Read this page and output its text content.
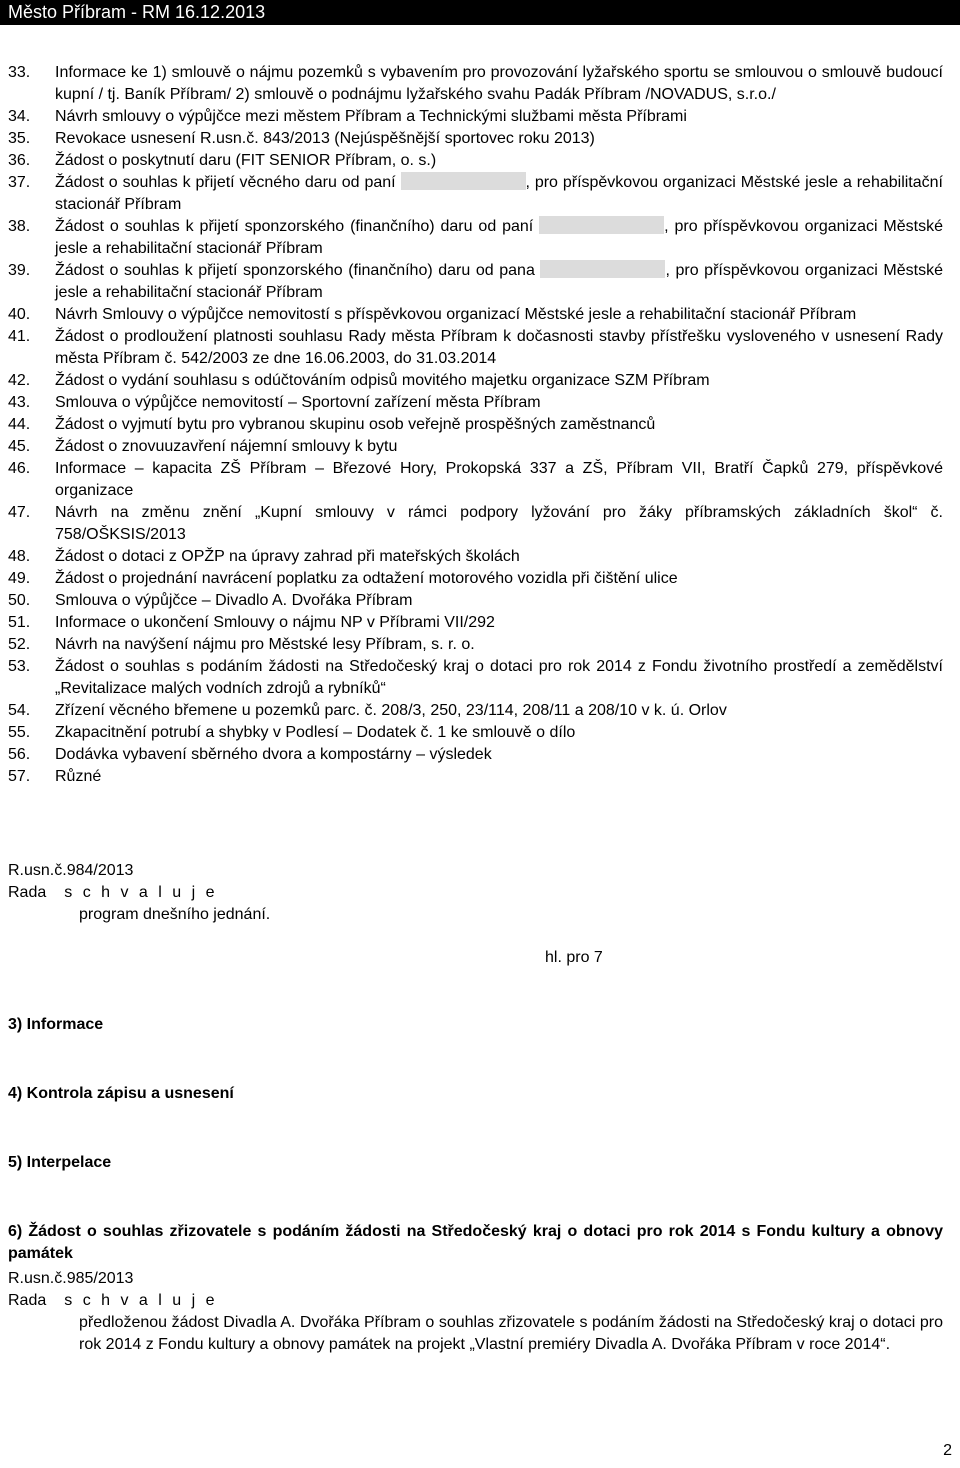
Město Příbram - RM 16.12.2013
33. Informace ke 1) smlouvě o nájmu pozemků s vybavením pro provozování lyžařského sportu se smlouvou o smlouvě budoucí kupní / tj. Baník Příbram/ 2) smlouvě o podnájmu lyžařského svahu Padák Příbram /NOVADUS, s.r.o./
34. Návrh smlouvy o výpůjčce mezi městem Příbram a Technickými službami města Příbrami
35. Revokace usnesení R.usn.č. 843/2013 (Nejúspěšnější sportovec roku 2013)
36. Žádost o poskytnutí daru (FIT SENIOR Příbram, o. s.)
37. Žádost o souhlas k přijetí věcného daru od paní	, pro příspěvkovou organizaci Městské jesle a rehabilitační stacionář Příbram
38. Žádost o souhlas k přijetí sponzorského (finančního) daru od paní	, pro příspěvkovou organizaci Městské jesle a rehabilitační stacionář Příbram
39. Žádost o souhlas k přijetí sponzorského (finančního) daru od pana	, pro příspěvkovou organizaci Městské jesle a rehabilitační stacionář Příbram
40. Návrh Smlouvy o výpůjčce nemovitostí s příspěvkovou organizací Městské jesle a rehabilitační stacionář Příbram
41. Žádost o prodloužení platnosti souhlasu Rady města Příbram k dočasnosti stavby přístřešku vysloveného v usnesení Rady města Příbram č. 542/2003 ze dne 16.06.2003, do 31.03.2014
42. Žádost o vydání souhlasu s odúčtováním odpisů movitého majetku organizace SZM Příbram
43. Smlouva o výpůjčce nemovitostí – Sportovní zařízení města Příbram
44. Žádost o vyjmutí bytu pro vybranou skupinu osob veřejně prospěšných zaměstnanců
45. Žádost o znovuuzavření nájemní smlouvy k bytu
46. Informace – kapacita ZŠ Příbram – Březové Hory, Prokopská 337 a ZŠ, Příbram VII, Bratří Čapků 279, příspěvkové organizace
47. Návrh na změnu znění „Kupní smlouvy v rámci podpory lyžování pro žáky příbramských základních škol“ č. 758/OŠKSIS/2013
48. Žádost o dotaci z OPŽP na úpravy zahrad při mateřských školách
49. Žádost o projednání navrácení poplatku za odtažení motorového vozidla při čištění ulice
50. Smlouva o výpůjčce – Divadlo A. Dvořáka Příbram
51. Informace o ukončení Smlouvy o nájmu NP v Příbrami VII/292
52. Návrh na navýšení nájmu pro Městské lesy Příbram, s. r. o.
53. Žádost o souhlas s podáním žádosti na Středočeský kraj o dotaci pro rok 2014 z Fondu životního prostředí a zemědělství „Revitalizace malých vodních zdrojů a rybníků“
54. Zřízení věcného břemene u pozemků parc. č. 208/3, 250, 23/114, 208/11 a 208/10 v k. ú. Orlov
55. Zkapacitnění potrubí a shybky v Podlesí – Dodatek č. 1 ke smlouvě o dílo
56. Dodávka vybavení sběrného dvora a kompostárny – výsledek
57. Různé
R.usn.č.984/2013
Rada s c h v a l u j e
program dnešního jednání.
hl. pro 7
3) Informace
4) Kontrola zápisu a usnesení
5) Interpelace
6) Žádost o souhlas zřizovatele s podáním žádosti na Středočeský kraj o dotaci pro rok 2014 s Fondu kultury a obnovy památek
R.usn.č.985/2013
Rada s c h v a l u j e
předloženou žádost Divadla A. Dvořáka Příbram o souhlas zřizovatele s podáním žádosti na Středočeský kraj o dotaci pro rok 2014 z Fondu kultury a obnovy památek na projekt „Vlastní premiéry Divadla A. Dvořáka Příbram v roce 2014“.
2
